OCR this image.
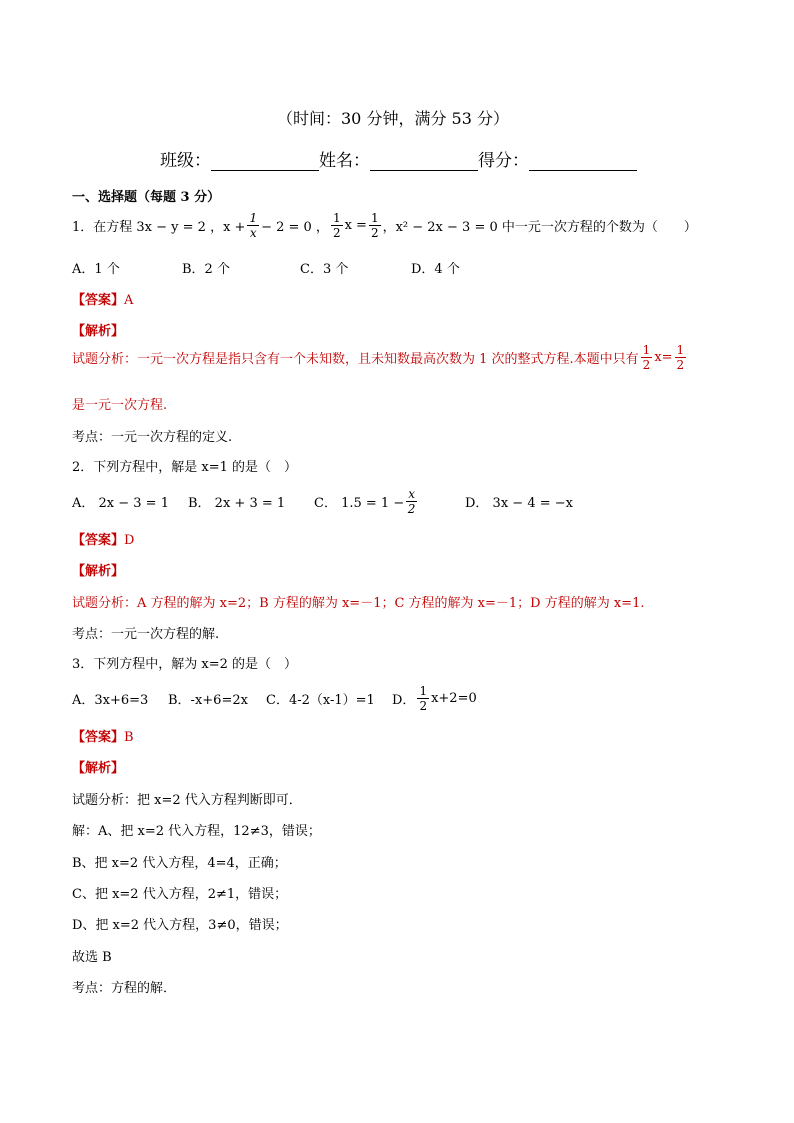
（时间：30 分钟，满分 53 分）
班级：	姓名：	得分：
一、选择题（每题 3 分）
1．在方程 3x − y = 2 ，$x + \frac{1}{x} - 2 = 0$ ， $\frac{1}{2}$ $x = \frac{1}{2}$ ，x² − 2x − 3 = 0 中一元一次方程的个数为（　　）
A．1 个	B．2 个	C．3 个	D．4 个
【答案】A
【解析】
试题分析：一元一次方程是指只含有一个未知数，且未知数最高次数为 1 次的整式方程.本题中只有 $\frac{1}{2} x= \frac{1}{2}$
是一元一次方程.
考点：一元一次方程的定义.
2．下列方程中，解是 x=1 的是（　）
A． 2x − 3 = 1	B． 2x + 3 = 1	C． $1.5 = 1 - \frac{x}{2}$	D． 3x − 4 = −x
【答案】D
【解析】
试题分析：A 方程的解为 x=2；B 方程的解为 x=－1；C 方程的解为 x=－1；D 方程的解为 x=1.
考点：一元一次方程的解.
3．下列方程中，解为 x=2 的是（　）
A．3x+6=3	B．-x+6=2x	C．4-2（x-1）=1	D． $\frac{1}{2} x+2=0$
【答案】B
【解析】
试题分析：把 x=2 代入方程判断即可．
解：A、把 x=2 代入方程，12≠3，错误；
B、把 x=2 代入方程，4=4，正确；
C、把 x=2 代入方程，2≠1，错误；
D、把 x=2 代入方程，3≠0，错误；
故选 B
考点：方程的解．
